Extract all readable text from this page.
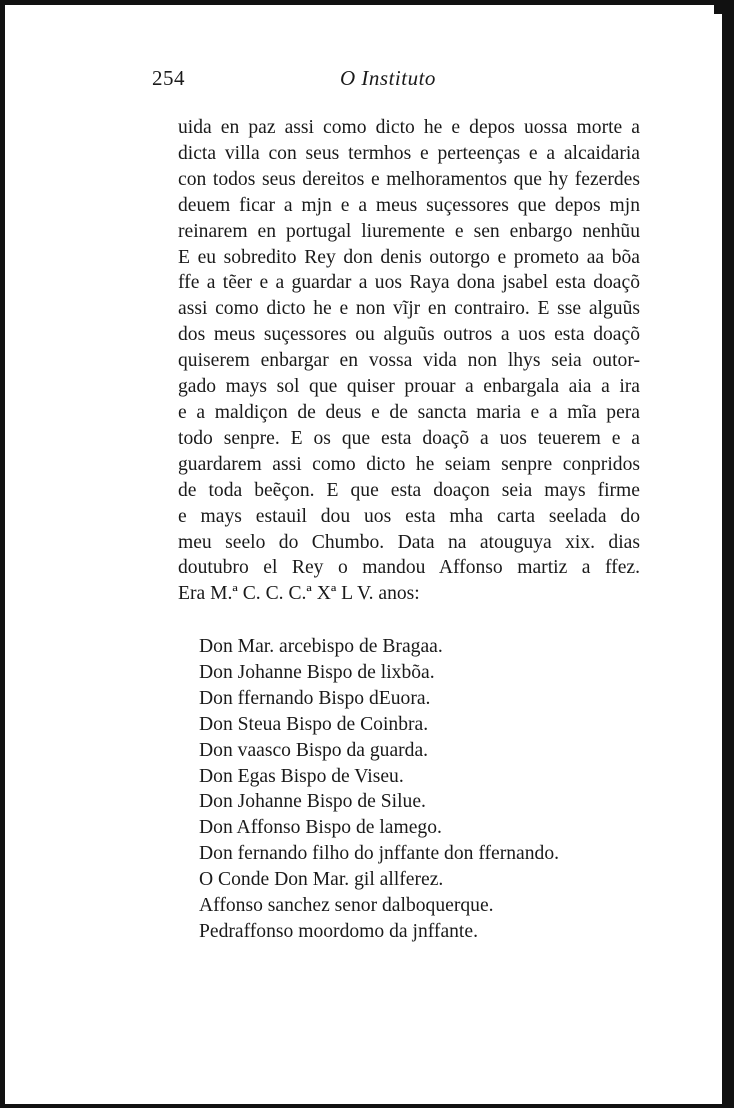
254	O Instituto
uida en paz assi como dicto he e depos uossa morte a
dicta villa con seus termhos e perteenças e a alcaidaria
con todos seus dereitos e melhoramentos que hy fezerdes
deuem ficar a mjn e a meus suçessores que depos mjn
reinarem en portugal liuremente e sen enbargo nenhũu
E eu sobredito Rey don denis outorgo e prometo aa bõa
ffe a tẽer e a guardar a uos Raya dona jsabel esta doaçõ
assi como dicto he e non vĩjr en contrairo. E sse alguũs
dos meus suçessores ou alguũs outros a uos esta doaçõ
quiserem enbargar en vossa vida non lhys seia outor-
gado mays sol que quiser prouar a enbargala aia a ira
e a maldiçon de deus e de sancta maria e a mĩa pera
todo senpre. E os que esta doaçõ a uos teuerem e a
guardarem assi como dicto he seiam senpre conpridos
de toda beẽçon. E que esta doaçon seia mays firme
e mays estauil dou uos esta mha carta seelada do
meu seelo do Chumbo. Data na atouguya xix. dias
doutubro el Rey o mandou Affonso martiz a ffez.
Era M.ª C. C. C.ª Xª L V. anos:
Don Mar. arcebispo de Bragaa.
Don Johanne Bispo de lixbõa.
Don ffernando Bispo dEuora.
Don Steua Bispo de Coinbra.
Don vaasco Bispo da guarda.
Don Egas Bispo de Viseu.
Don Johanne Bispo de Silue.
Don Affonso Bispo de lamego.
Don fernando filho do jnffante don ffernando.
O Conde Don Mar. gil allferez.
Affonso sanchez senor dalboquerque.
Pedraffonso moordomo da jnffante.
